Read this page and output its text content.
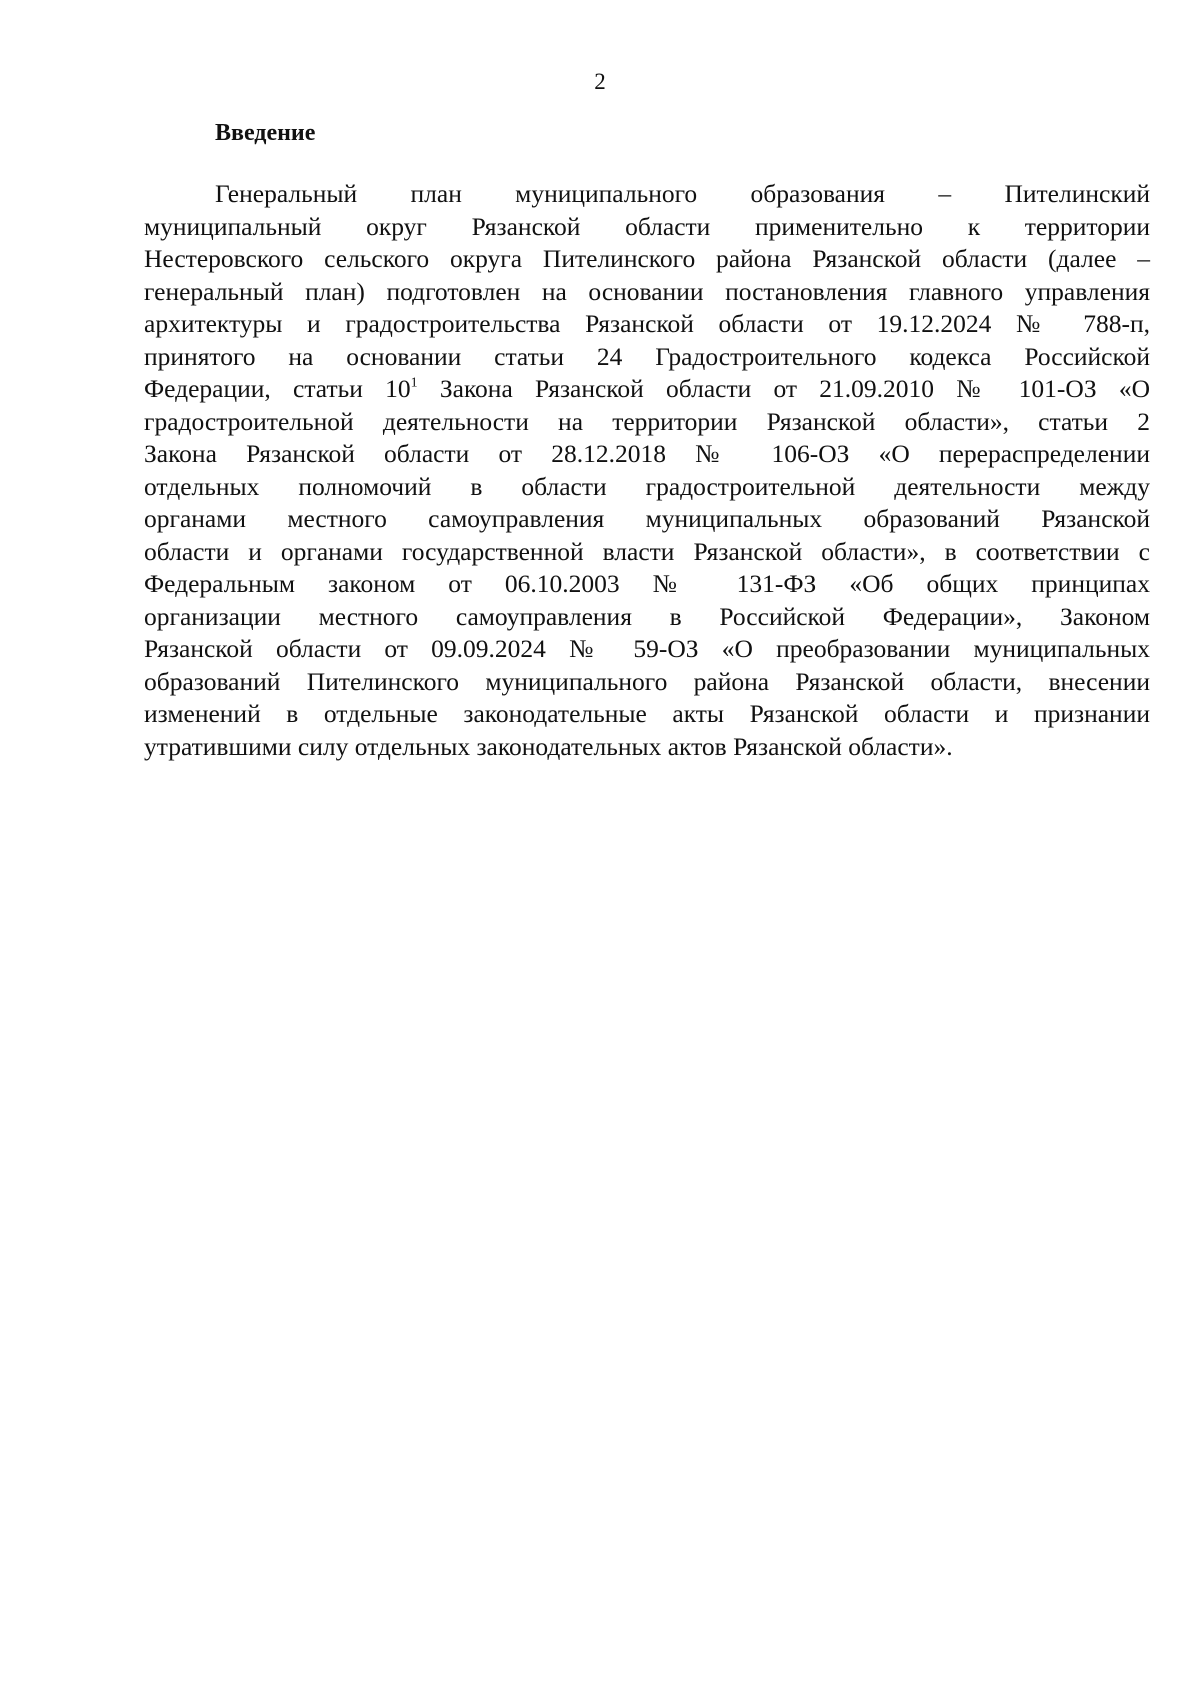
2
Введение
Генеральный план муниципального образования – Пителинский
муниципальный округ Рязанской области применительно к территории
Нестеровского сельского округа Пителинского района Рязанской области (далее –
генеральный план) подготовлен на основании постановления главного управления
архитектуры и градостроительства Рязанской области от 19.12.2024 № 788-п,
принятого на основании статьи 24 Градостроительного кодекса Российской
Федерации, статьи $10^1$ Закона Рязанской области от 21.09.2010 № 101-ОЗ «О
градостроительной деятельности на территории Рязанской области», статьи 2
Закона Рязанской области от 28.12.2018 № 106-ОЗ «О перераспределении
отдельных полномочий в области градостроительной деятельности между
органами местного самоуправления муниципальных образований Рязанской
области и органами государственной власти Рязанской области», в соответствии с
Федеральным законом от 06.10.2003 № 131-ФЗ «Об общих принципах
организации местного самоуправления в Российской Федерации», Законом
Рязанской области от 09.09.2024 № 59-ОЗ «О преобразовании муниципальных
образований Пителинского муниципального района Рязанской области, внесении
изменений в отдельные законодательные акты Рязанской области и признании
утратившими силу отдельных законодательных актов Рязанской области».
